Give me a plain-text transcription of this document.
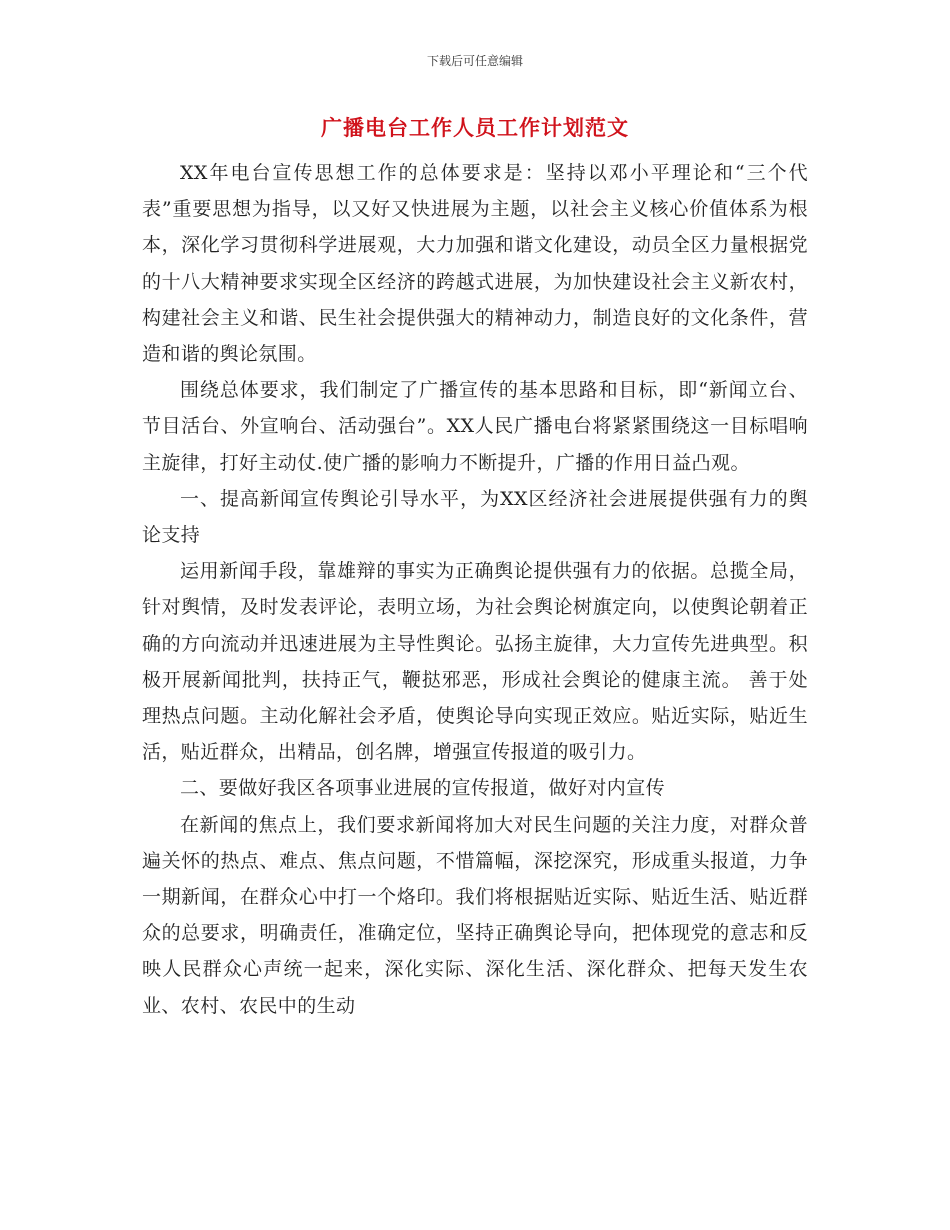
下载后可任意编辑
广播电台工作人员工作计划范文

XX年电台宣传思想工作的总体要求是：坚持以邓小平理论和“三个代表”重要思想为指导，以又好又快进展为主题，以社会主义核心价值体系为根本，深化学习贯彻科学进展观，大力加强和谐文化建设，动员全区力量根据党的十八大精神要求实现全区经济的跨越式进展，为加快建设社会主义新农村，构建社会主义和谐、民生社会提供强大的精神动力，制造良好的文化条件，营造和谐的舆论氛围。

围绕总体要求，我们制定了广播宣传的基本思路和目标，即“新闻立台、节目活台、外宣响台、活动强台”。XX人民广播电台将紧紧围绕这一目标唱响主旋律，打好主动仗.使广播的影响力不断提升，广播的作用日益凸观。

一、提高新闻宣传舆论引导水平，为XX区经济社会进展提供强有力的舆论支持

运用新闻手段，靠雄辩的事实为正确舆论提供强有力的依据。总揽全局，针对舆情，及时发表评论，表明立场，为社会舆论树旗定向，以使舆论朝着正确的方向流动并迅速进展为主导性舆论。弘扬主旋律，大力宣传先进典型。积极开展新闻批判，扶持正气，鞭挞邪恶，形成社会舆论的健康主流。 善于处理热点问题。主动化解社会矛盾，使舆论导向实现正效应。贴近实际，贴近生活，贴近群众，出精品，创名牌，增强宣传报道的吸引力。

二、要做好我区各项事业进展的宣传报道，做好对内宣传

在新闻的焦点上，我们要求新闻将加大对民生问题的关注力度，对群众普遍关怀的热点、难点、焦点问题，不惜篇幅，深挖深究，形成重头报道，力争一期新闻，在群众心中打一个烙印。我们将根据贴近实际、贴近生活、贴近群众的总要求，明确责任，准确定位，坚持正确舆论导向，把体现党的意志和反映人民群众心声统一起来，深化实际、深化生活、深化群众、把每天发生农业、农村、农民中的生动
